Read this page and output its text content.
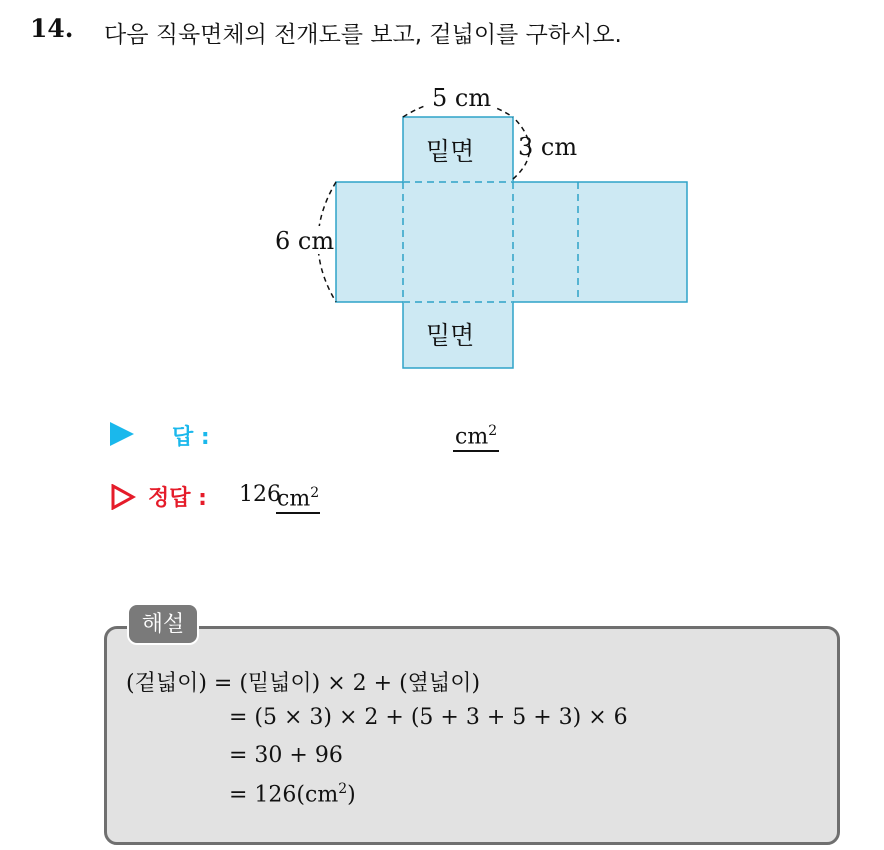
14. 다음 직육면체의 전개도를 보고, 겉넓이를 구하시오.
5 cm
3 cm
6 cm
밑면
밑면
답 :	$cm^2$
정답 : 126
$cm^2$
해설
(겉넓이) = (밑넓이) × 2 + (옆넓이)
= (5 × 3) × 2 + (5 + 3 + 5 + 3) × 6
= 30 + 96
= $126(cm^2)$
